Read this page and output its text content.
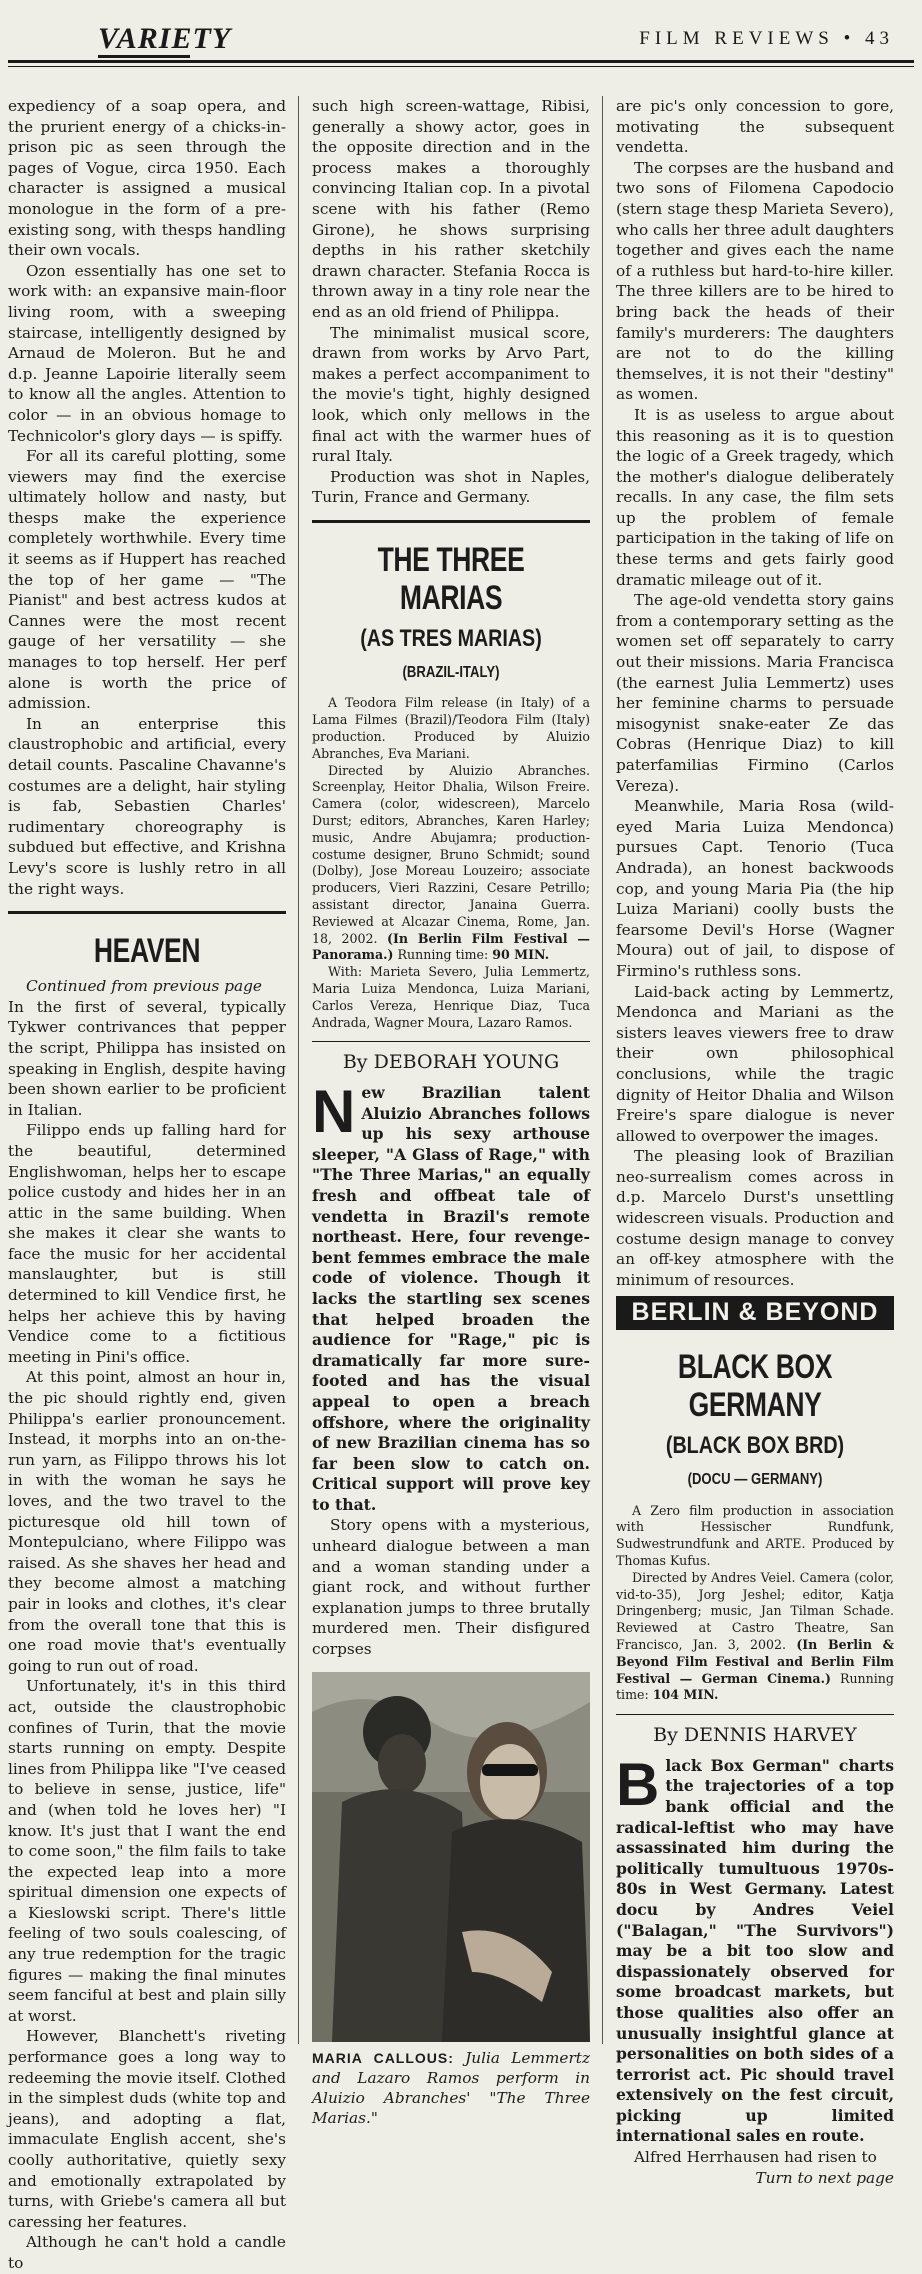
VARIETY	FILM REVIEWS • 43

expediency of a soap opera, and the prurient energy of a chicks-in-prison pic as seen through the pages of Vogue, circa 1950. Each character is assigned a musical monologue in the form of a pre-existing song, with thesps handling their own vocals.

Ozon essentially has one set to work with: an expansive main-floor living room, with a sweeping staircase, intelligently designed by Arnaud de Moleron. But he and d.p. Jeanne Lapoirie literally seem to know all the angles. Attention to color — in an obvious homage to Technicolor's glory days — is spiffy.

For all its careful plotting, some viewers may find the exercise ultimately hollow and nasty, but thesps make the experience completely worthwhile. Every time it seems as if Huppert has reached the top of her game — "The Pianist" and best actress kudos at Cannes were the most recent gauge of her versatility — she manages to top herself. Her perf alone is worth the price of admission.

In an enterprise this claustrophobic and artificial, every detail counts. Pascaline Chavanne's costumes are a delight, hair styling is fab, Sebastien Charles' rudimentary choreography is subdued but effective, and Krishna Levy's score is lushly retro in all the right ways.

HEAVEN

Continued from previous page

In the first of several, typically Tykwer contrivances that pepper the script, Philippa has insisted on speaking in English, despite having been shown earlier to be proficient in Italian.

Filippo ends up falling hard for the beautiful, determined Englishwoman, helps her to escape police custody and hides her in an attic in the same building. When she makes it clear she wants to face the music for her accidental manslaughter, but is still determined to kill Vendice first, he helps her achieve this by having Vendice come to a fictitious meeting in Pini's office.

At this point, almost an hour in, the pic should rightly end, given Philippa's earlier pronouncement. Instead, it morphs into an on-the-run yarn, as Filippo throws his lot in with the woman he says he loves, and the two travel to the picturesque old hill town of Montepulciano, where Filippo was raised. As she shaves her head and they become almost a matching pair in looks and clothes, it's clear from the overall tone that this is one road movie that's eventually going to run out of road.

Unfortunately, it's in this third act, outside the claustrophobic confines of Turin, that the movie starts running on empty. Despite lines from Philippa like "I've ceased to believe in sense, justice, life" and (when told he loves her) "I know. It's just that I want the end to come soon," the film fails to take the expected leap into a more spiritual dimension one expects of a Kieslowski script. There's little feeling of two souls coalescing, of any true redemption for the tragic figures — making the final minutes seem fanciful at best and plain silly at worst.

However, Blanchett's riveting performance goes a long way to redeeming the movie itself. Clothed in the simplest duds (white top and jeans), and adopting a flat, immaculate English accent, she's coolly authoritative, quietly sexy and emotionally extrapolated by turns, with Griebe's camera all but caressing her features.

Although he can't hold a candle to

such high screen-wattage, Ribisi, generally a showy actor, goes in the opposite direction and in the process makes a thoroughly convincing Italian cop. In a pivotal scene with his father (Remo Girone), he shows surprising depths in his rather sketchily drawn character. Stefania Rocca is thrown away in a tiny role near the end as an old friend of Philippa.

The minimalist musical score, drawn from works by Arvo Part, makes a perfect accompaniment to the movie's tight, highly designed look, which only mellows in the final act with the warmer hues of rural Italy.

Production was shot in Naples, Turin, France and Germany.

THE THREE MARIAS
(AS TRES MARIAS)
(BRAZIL-ITALY)

A Teodora Film release (in Italy) of a Lama Filmes (Brazil)/Teodora Film (Italy) production. Produced by Aluizio Abranches, Eva Mariani.

Directed by Aluizio Abranches. Screenplay, Heitor Dhalia, Wilson Freire. Camera (color, widescreen), Marcelo Durst; editors, Abranches, Karen Harley; music, Andre Abujamra; production-costume designer, Bruno Schmidt; sound (Dolby), Jose Moreau Louzeiro; associate producers, Vieri Razzini, Cesare Petrillo; assistant director, Janaina Guerra. Reviewed at Alcazar Cinema, Rome, Jan. 18, 2002. (In Berlin Film Festival — Panorama.) Running time: 90 MIN.

With: Marieta Severo, Julia Lemmertz, Maria Luiza Mendonca, Luiza Mariani, Carlos Vereza, Henrique Diaz, Tuca Andrada, Wagner Moura, Lazaro Ramos.

By DEBORAH YOUNG
New Brazilian talent Aluizio Abranches follows up his sexy arthouse sleeper, "A Glass of Rage," with "The Three Marias," an equally fresh and offbeat tale of vendetta in Brazil's remote northeast. Here, four revenge-bent femmes embrace the male code of violence. Though it lacks the startling sex scenes that helped broaden the audience for "Rage," pic is dramatically far more sure-footed and has the visual appeal to open a breach offshore, where the originality of new Brazilian cinema has so far been slow to catch on. Critical support will prove key to that.

Story opens with a mysterious, unheard dialogue between a man and a woman standing under a giant rock, and without further explanation jumps to three brutally murdered men. Their disfigured corpses

MARIA CALLOUS: Julia Lemmertz and Lazaro Ramos perform in Aluizio Abranches' "The Three Marias."

are pic's only concession to gore, motivating the subsequent vendetta.

The corpses are the husband and two sons of Filomena Capodocio (stern stage thesp Marieta Severo), who calls her three adult daughters together and gives each the name of a ruthless but hard-to-hire killer. The three killers are to be hired to bring back the heads of their family's murderers: The daughters are not to do the killing themselves, it is not their "destiny" as women.

It is as useless to argue about this reasoning as it is to question the logic of a Greek tragedy, which the mother's dialogue deliberately recalls. In any case, the film sets up the problem of female participation in the taking of life on these terms and gets fairly good dramatic mileage out of it.

The age-old vendetta story gains from a contemporary setting as the women set off separately to carry out their missions. Maria Francisca (the earnest Julia Lemmertz) uses her feminine charms to persuade misogynist snake-eater Ze das Cobras (Henrique Diaz) to kill paterfamilias Firmino (Carlos Vereza).

Meanwhile, Maria Rosa (wild-eyed Maria Luiza Mendonca) pursues Capt. Tenorio (Tuca Andrada), an honest backwoods cop, and young Maria Pia (the hip Luiza Mariani) coolly busts the fearsome Devil's Horse (Wagner Moura) out of jail, to dispose of Firmino's ruthless sons.

Laid-back acting by Lemmertz, Mendonca and Mariani as the sisters leaves viewers free to draw their own philosophical conclusions, while the tragic dignity of Heitor Dhalia and Wilson Freire's spare dialogue is never allowed to overpower the images.

The pleasing look of Brazilian neo-surrealism comes across in d.p. Marcelo Durst's unsettling widescreen visuals. Production and costume design manage to convey an off-key atmosphere with the minimum of resources.

BERLIN & BEYOND
BLACK BOX
GERMANY
(BLACK BOX BRD)
(DOCU — GERMANY)

A Zero film production in association with Hessischer Rundfunk, Sudwestrundfunk and ARTE. Produced by Thomas Kufus.

Directed by Andres Veiel. Camera (color, vid-to-35), Jorg Jeshel; editor, Katja Dringenberg; music, Jan Tilman Schade. Reviewed at Castro Theatre, San Francisco, Jan. 3, 2002. (In Berlin & Beyond Film Festival and Berlin Film Festival — German Cinema.) Running time: 104 MIN.

By DENNIS HARVEY
Black Box German" charts the trajectories of a top bank official and the radical-leftist who may have assassinated him during the politically tumultuous 1970s-80s in West Germany. Latest docu by Andres Veiel ("Balagan," "The Survivors") may be a bit too slow and dispassionately observed for some broadcast markets, but those qualities also offer an unusually insightful glance at personalities on both sides of a terrorist act. Pic should travel extensively on the fest circuit, picking up limited international sales en route.

Alfred Herrhausen had risen to

Turn to next page
